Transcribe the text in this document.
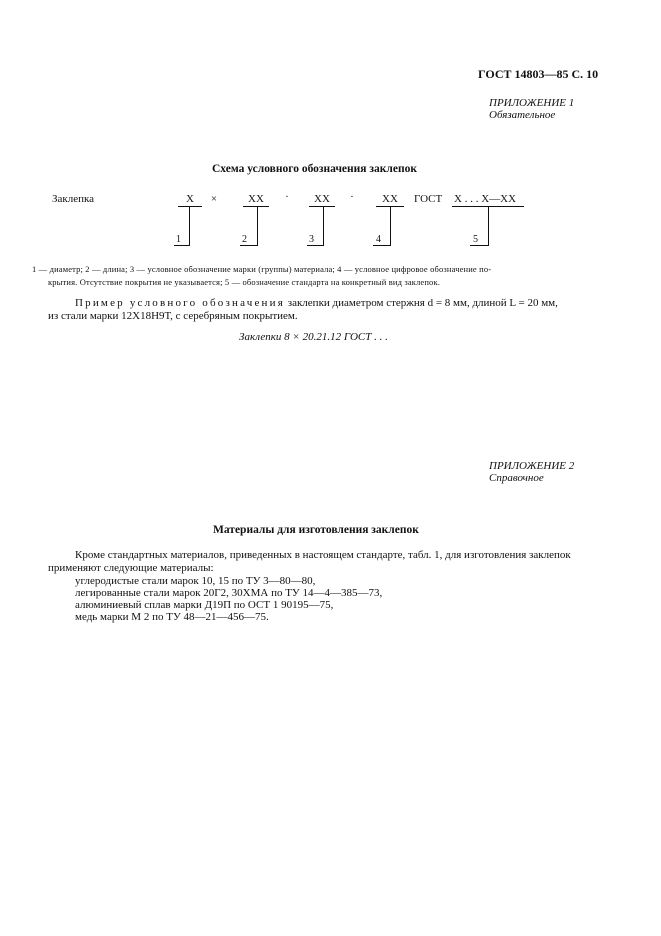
ГОСТ 14803—85 С. 10
ПРИЛОЖЕНИЕ 1
Обязательное
Схема условного обозначения заклепок
Заклепка	X
1
×	XX
2
·	XX
3
·	XX
4
ГОСТ X . . . X—XX
5
1 — диаметр; 2 — длина; 3 — условное обозначение марки (группы) материала; 4 — условное цифровое обозначение по-
крытия. Отсутствие покрытия не указывается; 5 — обозначение стандарта на конкретный вид заклепок.
Пример условного обозначения заклепки диаметром стержня d = 8 мм, длиной L = 20 мм,
из стали марки 12Х18Н9Т, с серебряным покрытием.
Заклепки 8 × 20.21.12 ГОСТ . . .
ПРИЛОЖЕНИЕ 2
Справочное
Материалы для изготовления заклепок
Кроме стандартных материалов, приведенных в настоящем стандарте, табл. 1, для изготовления заклепок
применяют следующие материалы:
углеродистые стали марок 10, 15 по ТУ 3—80—80,
легированные стали марок 20Г2, 30ХМА по ТУ 14—4—385—73,
алюминиевый сплав марки Д19П по ОСТ 1 90195—75,
медь марки М 2 по ТУ 48—21—456—75.
